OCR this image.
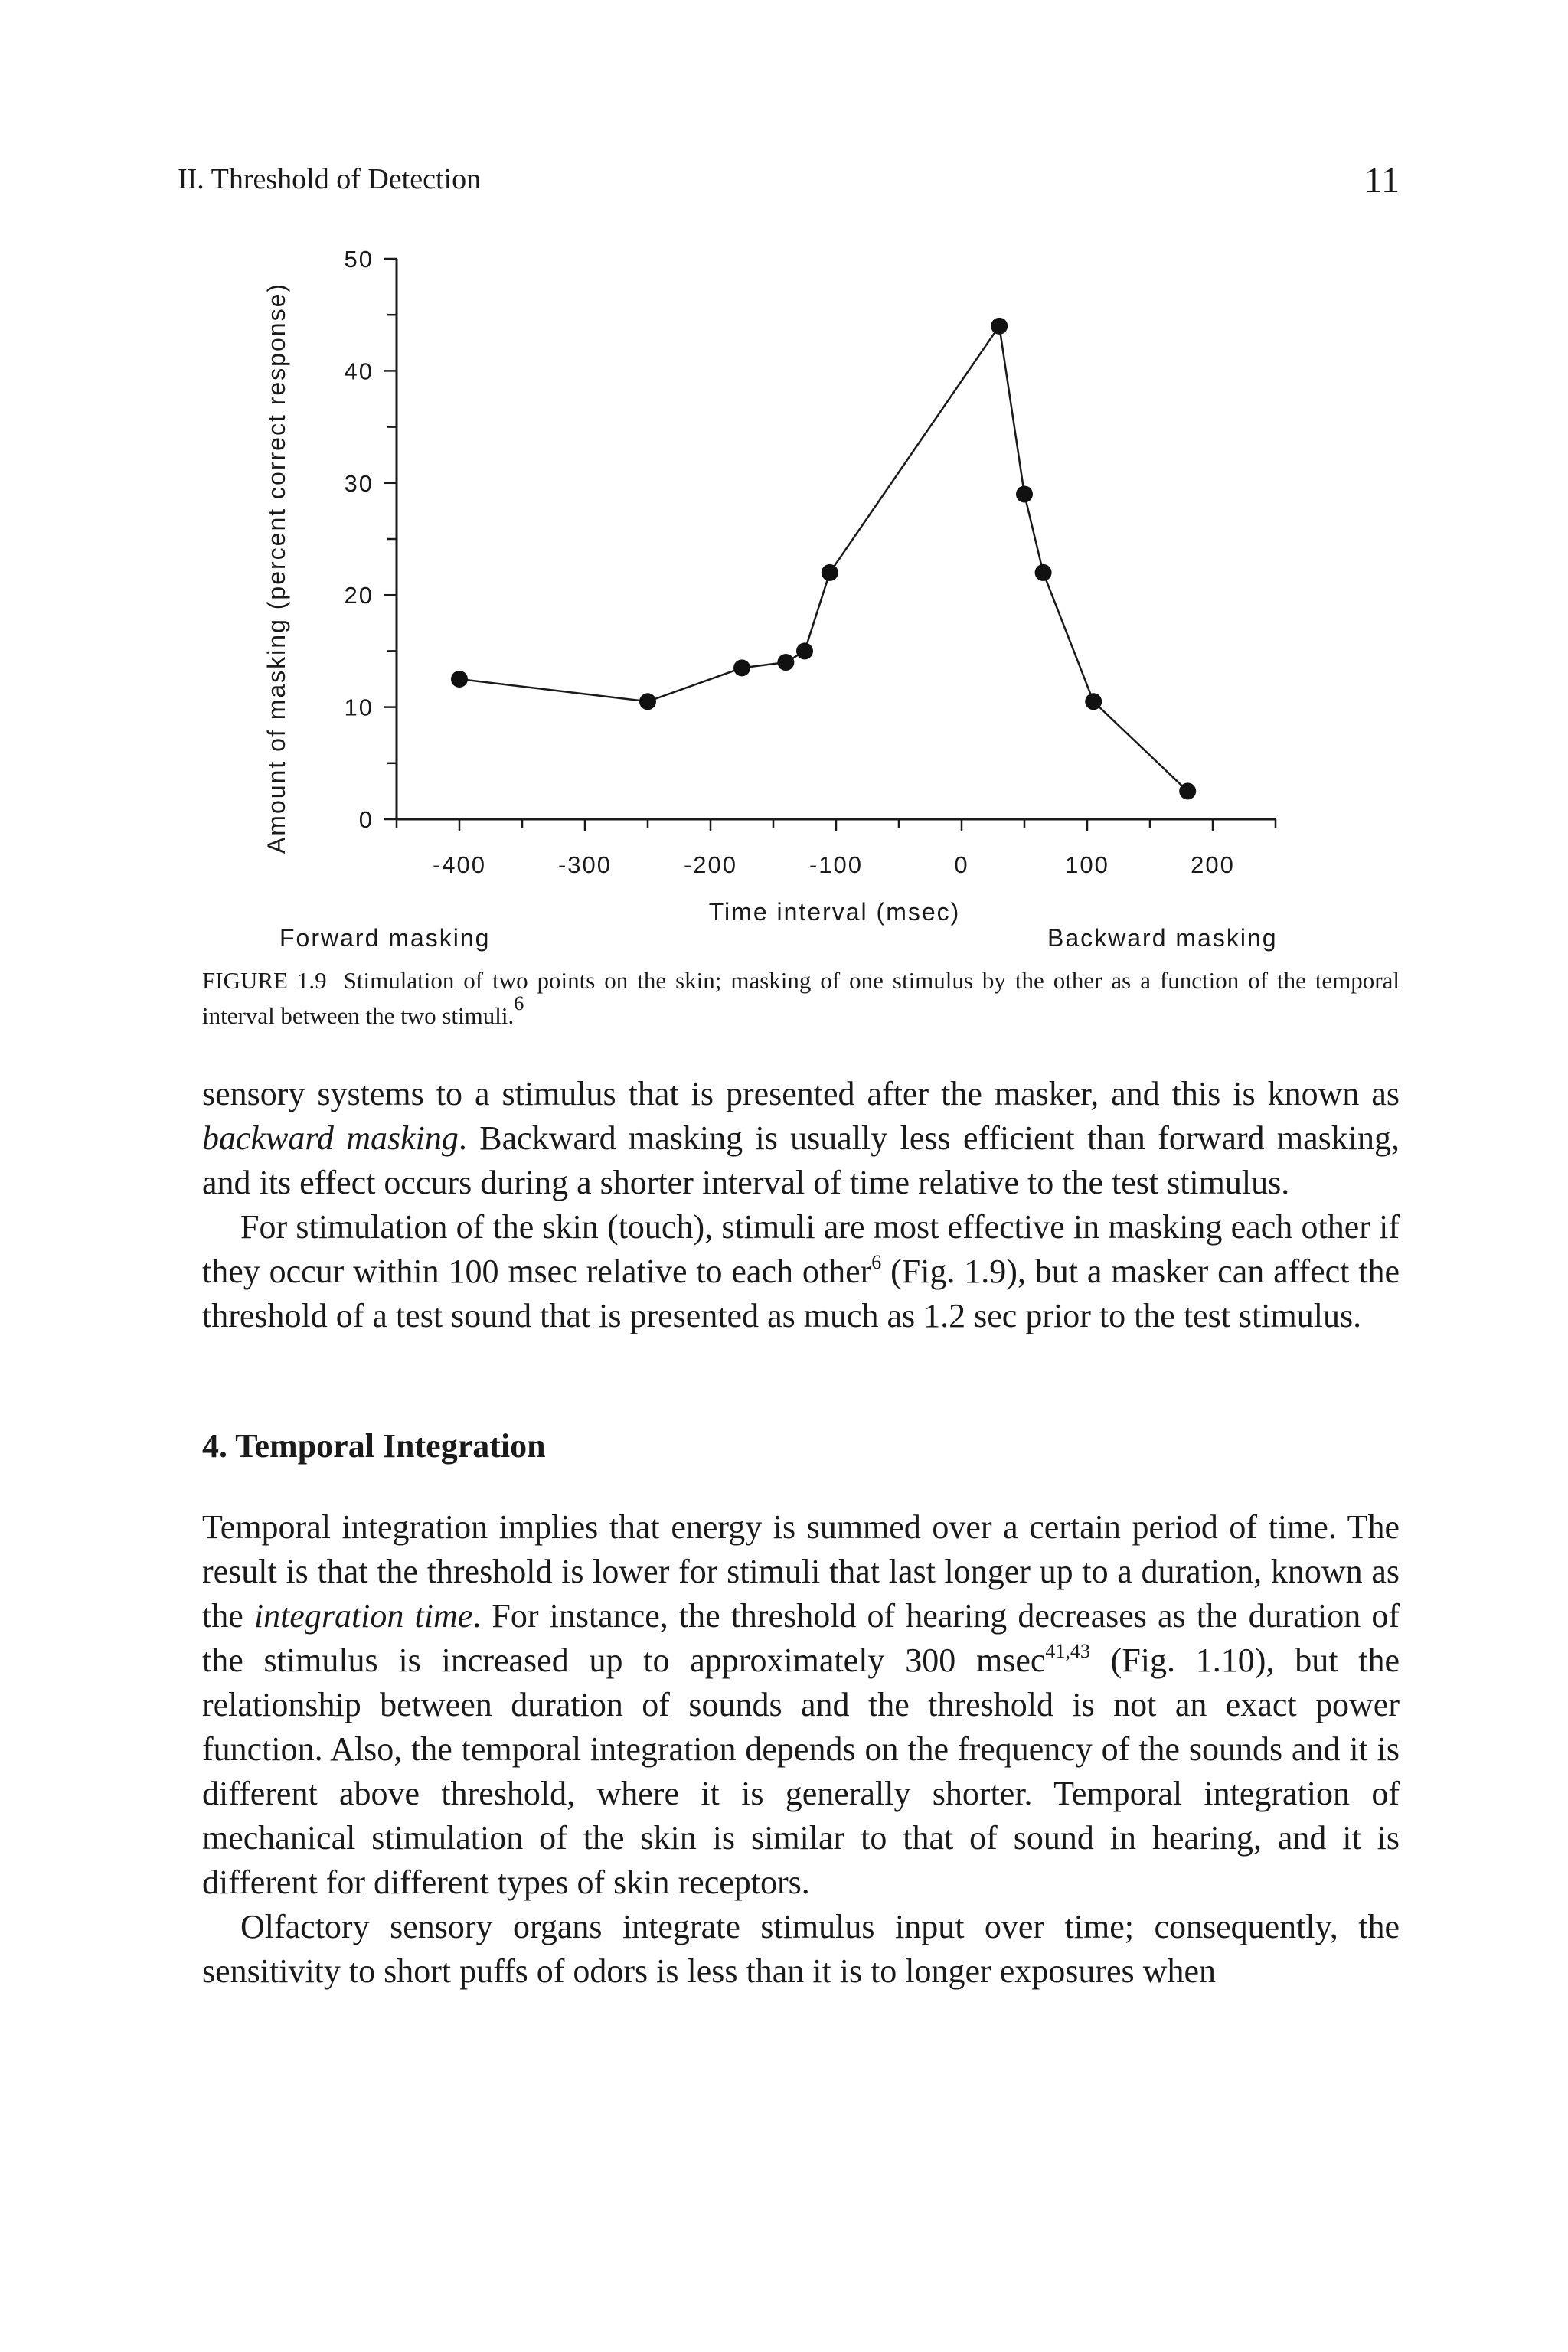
II. Threshold of Detection	11
-400	-300	-200	-100	0	100	200
0
10
20
30
40
50
Amount of masking (percent correct response)
Time interval (msec)
Forward masking	Backward masking
FIGURE 1.9 Stimulation of two points on the skin; masking of one stimulus by the other as a function of the temporal interval between the two stimuli.$^6$

sensory systems to a stimulus that is presented after the masker, and this is known as backward masking. Backward masking is usually less efficient than forward masking, and its effect occurs during a shorter interval of time relative to the test stimulus.

For stimulation of the skin (touch), stimuli are most effective in masking each other if they occur within 100 msec relative to each other$^6$ (Fig. 1.9), but a masker can affect the threshold of a test sound that is presented as much as 1.2 sec prior to the test stimulus.

4. Temporal Integration

Temporal integration implies that energy is summed over a certain period of time. The result is that the threshold is lower for stimuli that last longer up to a duration, known as the integration time. For instance, the threshold of hearing decreases as the duration of the stimulus is increased up to approximately 300 msec$^{41,43}$ (Fig. 1.10), but the relationship between duration of sounds and the threshold is not an exact power function. Also, the temporal integration depends on the frequency of the sounds and it is different above threshold, where it is generally shorter. Temporal integration of mechanical stimulation of the skin is similar to that of sound in hearing, and it is different for different types of skin receptors.

Olfactory sensory organs integrate stimulus input over time; consequently, the sensitivity to short puffs of odors is less than it is to longer exposures when
